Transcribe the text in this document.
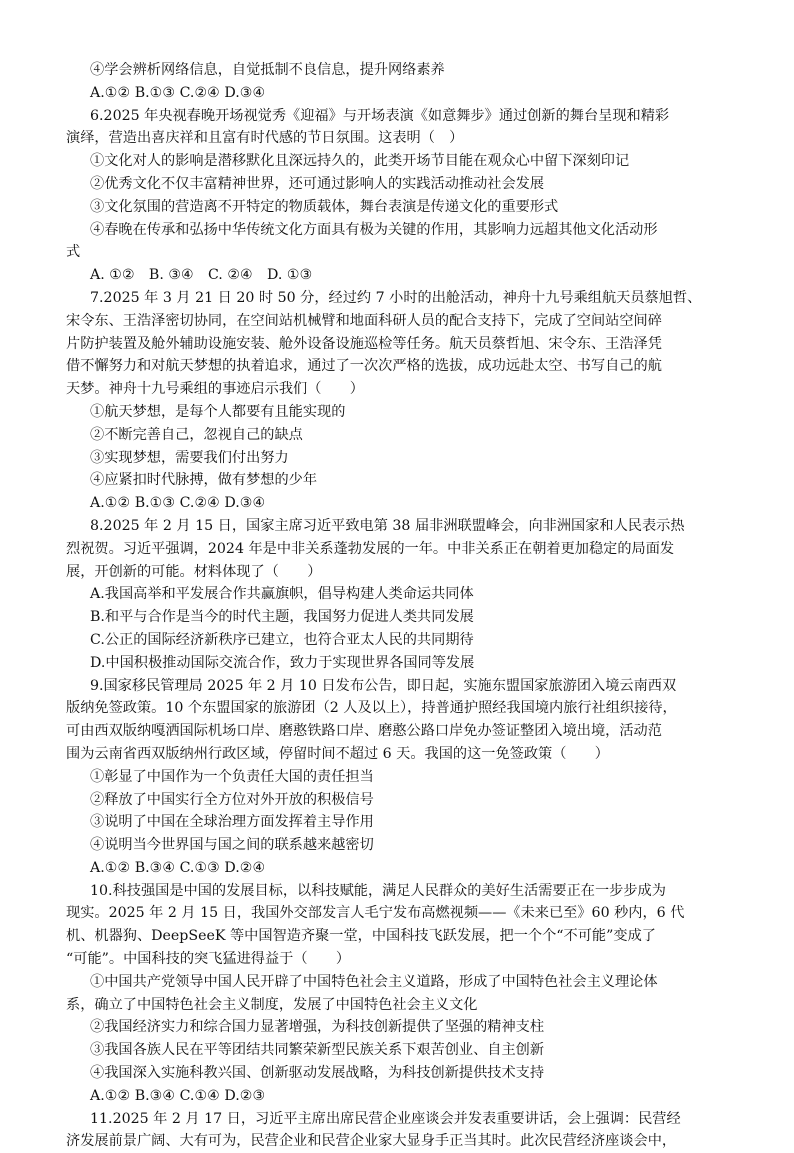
④学会辨析网络信息，自觉抵制不良信息，提升网络素养
A.①② B.①③ C.②④ D.③④
6.2025 年央视春晚开场视觉秀《迎福》与开场表演《如意舞步》通过创新的舞台呈现和精彩
演绎，营造出喜庆祥和且富有时代感的节日氛围。这表明（　）
①文化对人的影响是潜移默化且深远持久的，此类开场节目能在观众心中留下深刻印记
②优秀文化不仅丰富精神世界，还可通过影响人的实践活动推动社会发展
③文化氛围的营造离不开特定的物质载体，舞台表演是传递文化的重要形式
④春晚在传承和弘扬中华传统文化方面具有极为关键的作用，其影响力远超其他文化活动形
式
A. ①②　B. ③④　C. ②④　D. ①③
7.2025 年 3 月 21 日 20 时 50 分，经过约 7 小时的出舱活动，神舟十九号乘组航天员蔡旭哲、
宋令东、王浩泽密切协同，在空间站机械臂和地面科研人员的配合支持下，完成了空间站空间碎
片防护装置及舱外辅助设施安装、舱外设备设施巡检等任务。航天员蔡哲旭、宋令东、王浩泽凭
借不懈努力和对航天梦想的执着追求，通过了一次次严格的选拔，成功远赴太空、书写自己的航
天梦。神舟十九号乘组的事迹启示我们（　　）
①航天梦想，是每个人都要有且能实现的
②不断完善自己，忽视自己的缺点
③实现梦想，需要我们付出努力
④应紧扣时代脉搏，做有梦想的少年
A.①② B.①③ C.②④ D.③④
8.2025 年 2 月 15 日，国家主席习近平致电第 38 届非洲联盟峰会，向非洲国家和人民表示热
烈祝贺。习近平强调，2024 年是中非关系蓬勃发展的一年。中非关系正在朝着更加稳定的局面发
展，开创新的可能。材料体现了（　　）
A.我国高举和平发展合作共赢旗帜，倡导构建人类命运共同体
B.和平与合作是当今的时代主题，我国努力促进人类共同发展
C.公正的国际经济新秩序已建立，也符合亚太人民的共同期待
D.中国积极推动国际交流合作，致力于实现世界各国同等发展
9.国家移民管理局 2025 年 2 月 10 日发布公告，即日起，实施东盟国家旅游团入境云南西双
版纳免签政策。10 个东盟国家的旅游团（2 人及以上），持普通护照经我国境内旅行社组织接待，
可由西双版纳嘎洒国际机场口岸、磨憨铁路口岸、磨憨公路口岸免办签证整团入境出境，活动范
围为云南省西双版纳州行政区域，停留时间不超过 6 天。我国的这一免签政策（　　）
①彰显了中国作为一个负责任大国的责任担当
②释放了中国实行全方位对外开放的积极信号
③说明了中国在全球治理方面发挥着主导作用
④说明当今世界国与国之间的联系越来越密切
A.①② B.③④ C.①③ D.②④
10.科技强国是中国的发展目标，以科技赋能，满足人民群众的美好生活需要正在一步步成为
现实。2025 年 2 月 15 日，我国外交部发言人毛宁发布高燃视频——《未来已至》60 秒内，6 代
机、机器狗、DeepSeeK 等中国智造齐聚一堂，中国科技飞跃发展，把一个个“不可能”变成了
“可能”。中国科技的突飞猛进得益于（　　）
①中国共产党领导中国人民开辟了中国特色社会主义道路，形成了中国特色社会主义理论体
系，确立了中国特色社会主义制度，发展了中国特色社会主义文化
②我国经济实力和综合国力显著增强，为科技创新提供了坚强的精神支柱
③我国各族人民在平等团结共同繁荣新型民族关系下艰苦创业、自主创新
④我国深入实施科教兴国、创新驱动发展战略，为科技创新提供技术支持
A.①② B.③④ C.①④ D.②③
11.2025 年 2 月 17 日，习近平主席出席民营企业座谈会并发表重要讲话，会上强调：民营经
济发展前景广阔、大有可为，民营企业和民营企业家大显身手正当其时。此次民营经济座谈会中，
